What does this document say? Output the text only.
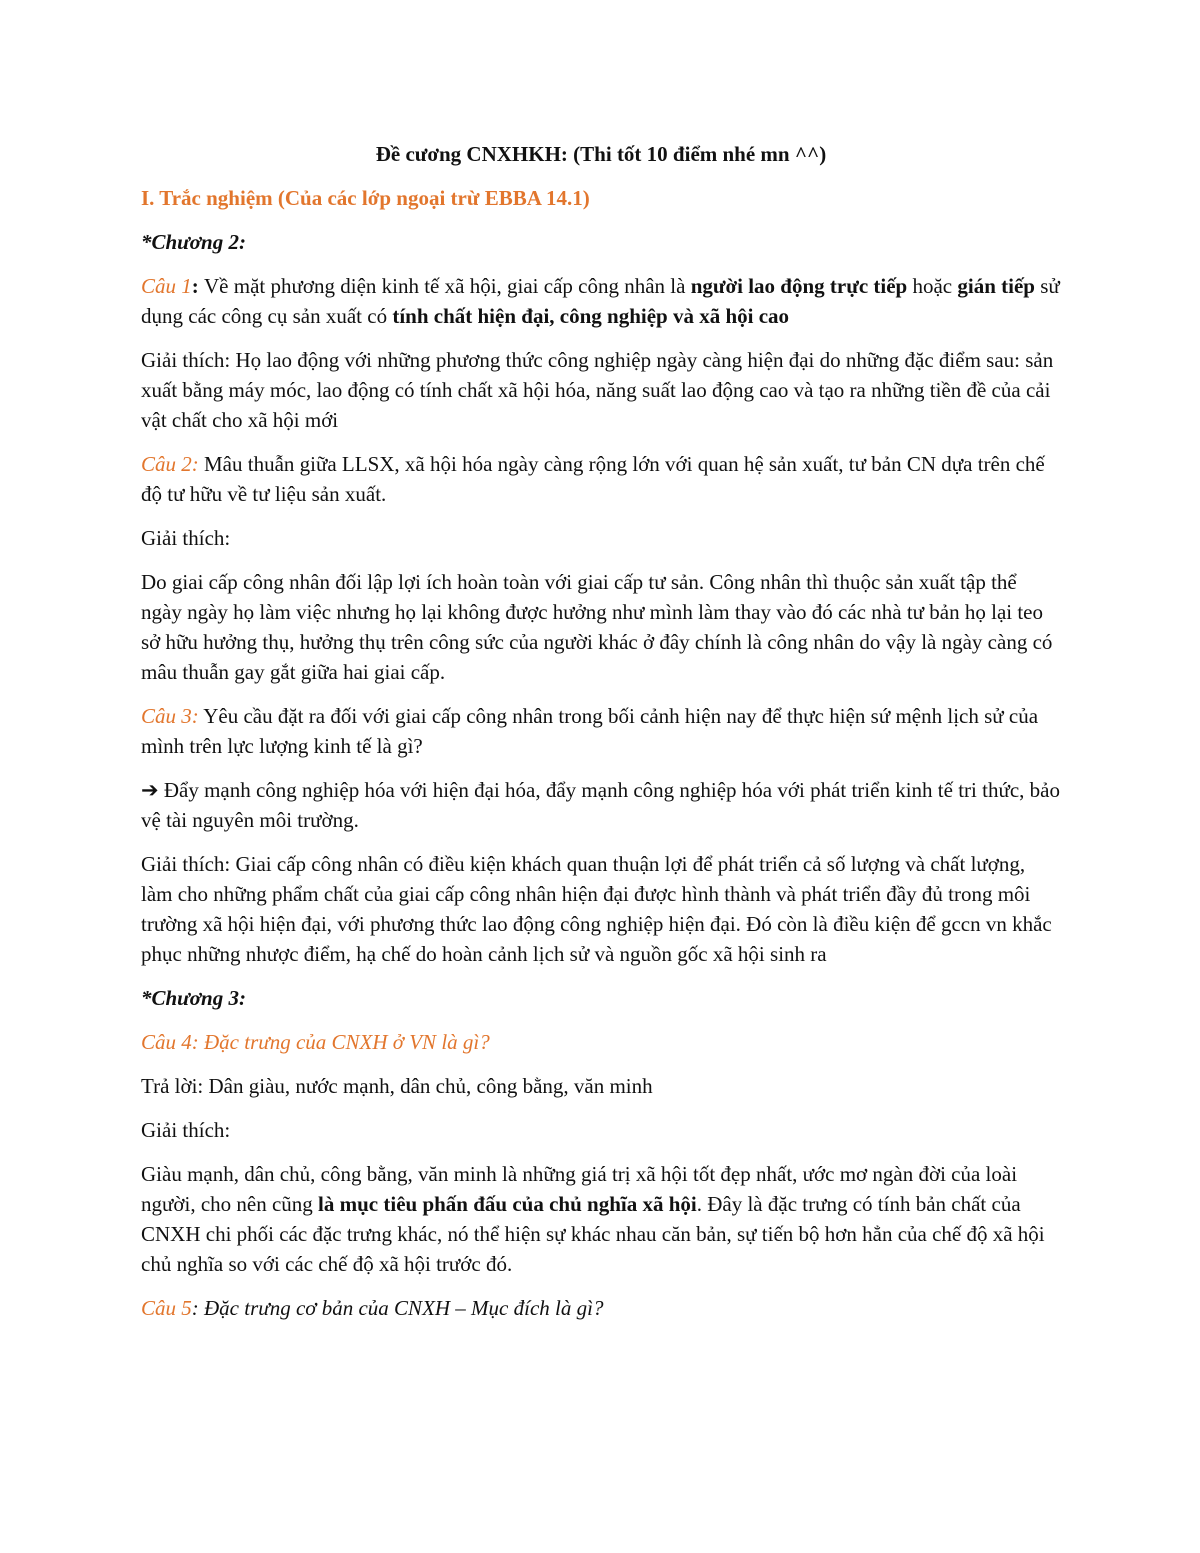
Đề cương CNXHKH: (Thi tốt 10 điểm nhé mn ^^)
I. Trắc nghiệm (Của các lớp ngoại trừ EBBA 14.1)
*Chương 2:

Câu 1: Về mặt phương diện kinh tế xã hội, giai cấp công nhân là người lao động trực tiếp hoặc gián tiếp sử dụng các công cụ sản xuất có tính chất hiện đại, công nghiệp và xã hội cao

Giải thích: Họ lao động với những phương thức công nghiệp ngày càng hiện đại do những đặc điểm sau: sản xuất bằng máy móc, lao động có tính chất xã hội hóa, năng suất lao động cao và tạo ra những tiền đề của cải vật chất cho xã hội mới

Câu 2: Mâu thuẫn giữa LLSX, xã hội hóa ngày càng rộng lớn với quan hệ sản xuất, tư bản CN dựa trên chế độ tư hữu về tư liệu sản xuất.

Giải thích:

Do giai cấp công nhân đối lập lợi ích hoàn toàn với giai cấp tư sản. Công nhân thì thuộc sản xuất tập thể ngày ngày họ làm việc nhưng họ lại không được hưởng như mình làm thay vào đó các nhà tư bản họ lại teo sở hữu hưởng thụ, hưởng thụ trên công sức của người khác ở đây chính là công nhân do vậy là ngày càng có mâu thuẫn gay gắt giữa hai giai cấp.

Câu 3: Yêu cầu đặt ra đối với giai cấp công nhân trong bối cảnh hiện nay để thực hiện sứ mệnh lịch sử của mình trên lực lượng kinh tế là gì?

➔ Đẩy mạnh công nghiệp hóa với hiện đại hóa, đẩy mạnh công nghiệp hóa với phát triển kinh tế tri thức, bảo vệ tài nguyên môi trường.

Giải thích: Giai cấp công nhân có điều kiện khách quan thuận lợi để phát triển cả số lượng và chất lượng, làm cho những phẩm chất của giai cấp công nhân hiện đại được hình thành và phát triển đầy đủ trong môi trường xã hội hiện đại, với phương thức lao động công nghiệp hiện đại. Đó còn là điều kiện để gccn vn khắc phục những nhược điểm, hạ chế do hoàn cảnh lịch sử và nguồn gốc xã hội sinh ra

*Chương 3:

Câu 4: Đặc trưng của CNXH ở VN là gì?

Trả lời: Dân giàu, nước mạnh, dân chủ, công bằng, văn minh

Giải thích:

Giàu mạnh, dân chủ, công bằng, văn minh là những giá trị xã hội tốt đẹp nhất, ước mơ ngàn đời của loài người, cho nên cũng là mục tiêu phấn đấu của chủ nghĩa xã hội. Đây là đặc trưng có tính bản chất của CNXH chi phối các đặc trưng khác, nó thể hiện sự khác nhau căn bản, sự tiến bộ hơn hẳn của chế độ xã hội chủ nghĩa so với các chế độ xã hội trước đó.

Câu 5: Đặc trưng cơ bản của CNXH – Mục đích là gì?
